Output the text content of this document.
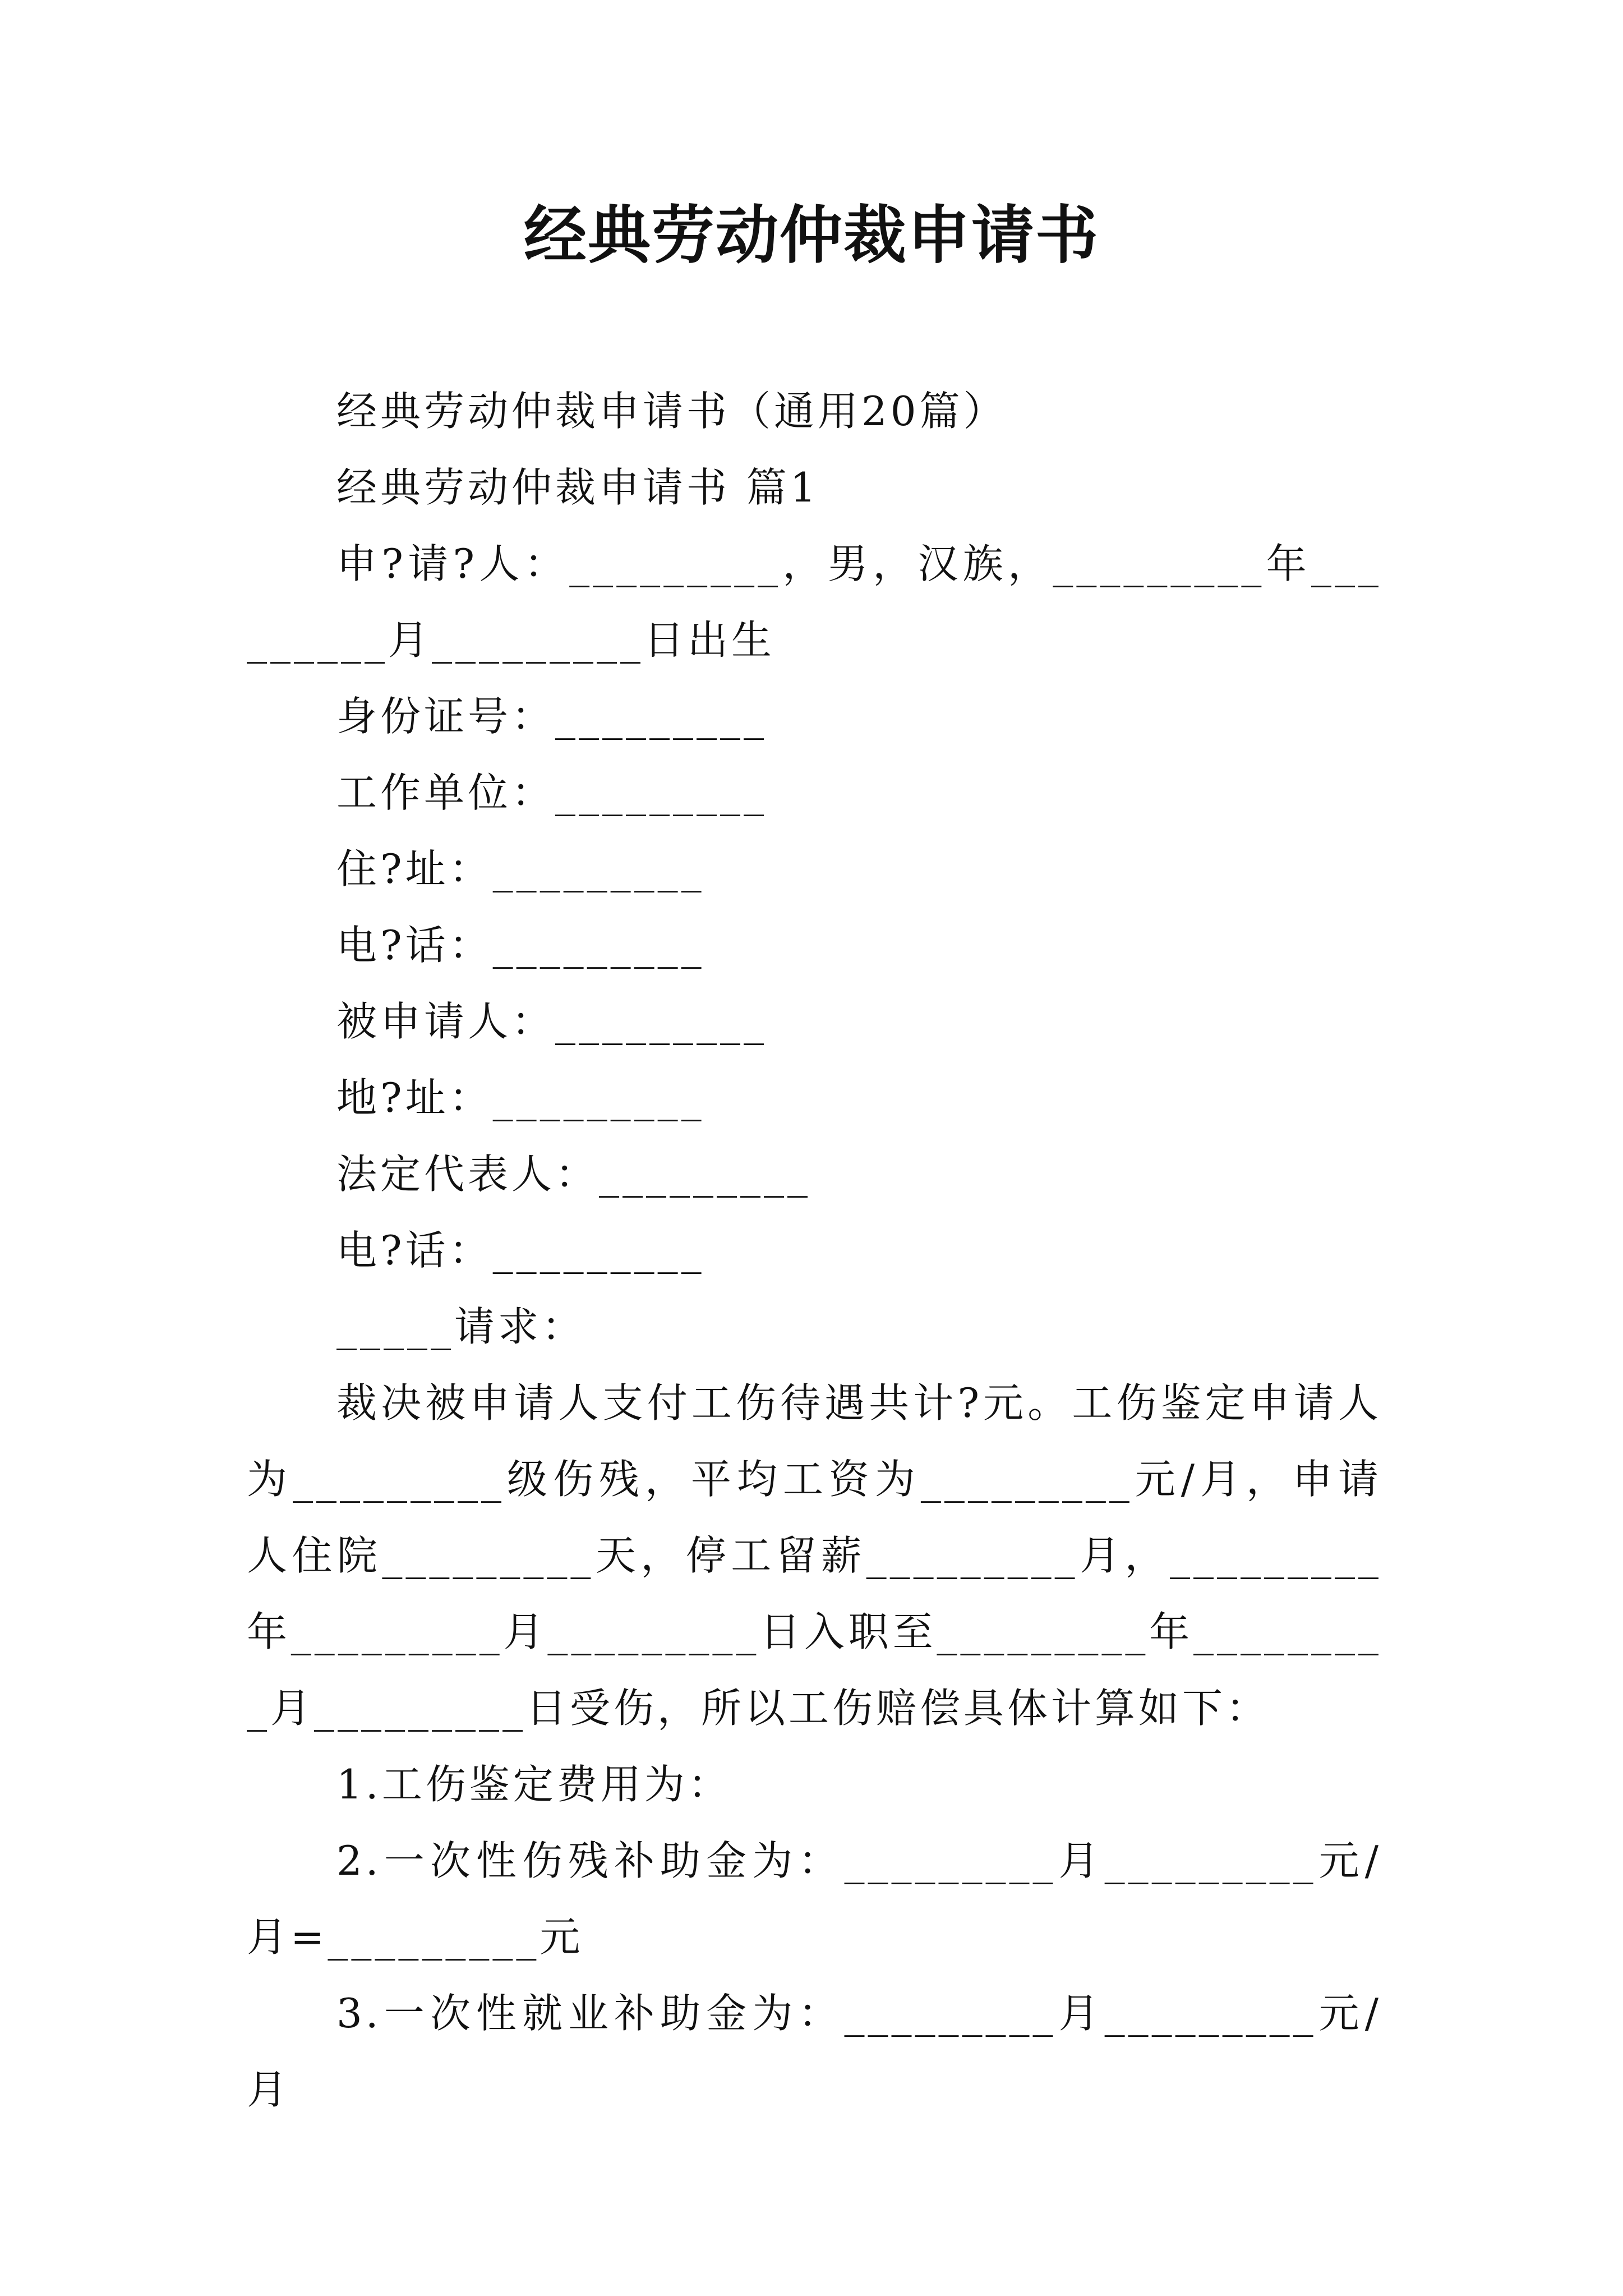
经典劳动仲裁申请书

经典劳动仲裁申请书（通用20篇）

经典劳动仲裁申请书 篇1

申?请?人：_________，男，汉族，_________年_________月_________日出生

身份证号：_________

工作单位：_________

住?址：_________

电?话：_________

被申请人：_________

地?址：_________

法定代表人：_________

电?话：_________

_____请求：

裁决被申请人支付工伤待遇共计?元。工伤鉴定申请人为_________级伤残，平均工资为_________元/月，申请人住院_________天，停工留薪_________月，_________年_________月_________日入职至_________年_________月_________日受伤，所以工伤赔偿具体计算如下：

1.工伤鉴定费用为：

2.一次性伤残补助金为：_________月_________元/月=_________元

3.一次性就业补助金为：_________月_________元/月
